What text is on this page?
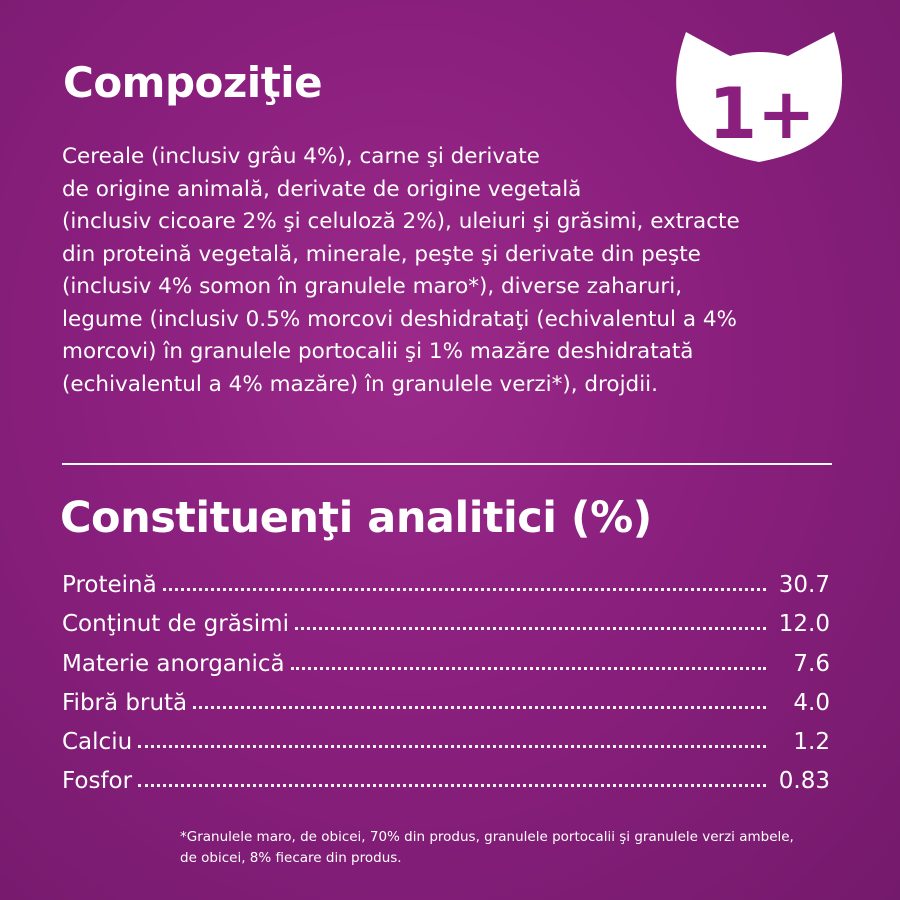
1+
Compoziţie
Cereale (inclusiv grâu 4%), carne şi derivate
de origine animală, derivate de origine vegetală
(inclusiv cicoare 2% şi celuloză 2%), uleiuri şi grăsimi, extracte
din proteină vegetală, minerale, peşte şi derivate din peşte
(inclusiv 4% somon în granulele maro*), diverse zaharuri,
legume (inclusiv 0.5% morcovi deshidrataţi (echivalentul a 4%
morcovi) în granulele portocalii şi 1% mazăre deshidratată
(echivalentul a 4% mazăre) în granulele verzi*), drojdii.
Constituenţi analitici (%)
Proteină	30.7
Conţinut de grăsimi	12.0
Materie anorganică	7.6
Fibră brută	4.0
Calciu	1.2
Fosfor	0.83
*Granulele maro, de obicei, 70% din produs, granulele portocalii şi granulele verzi ambele,
de obicei, 8% fiecare din produs.
